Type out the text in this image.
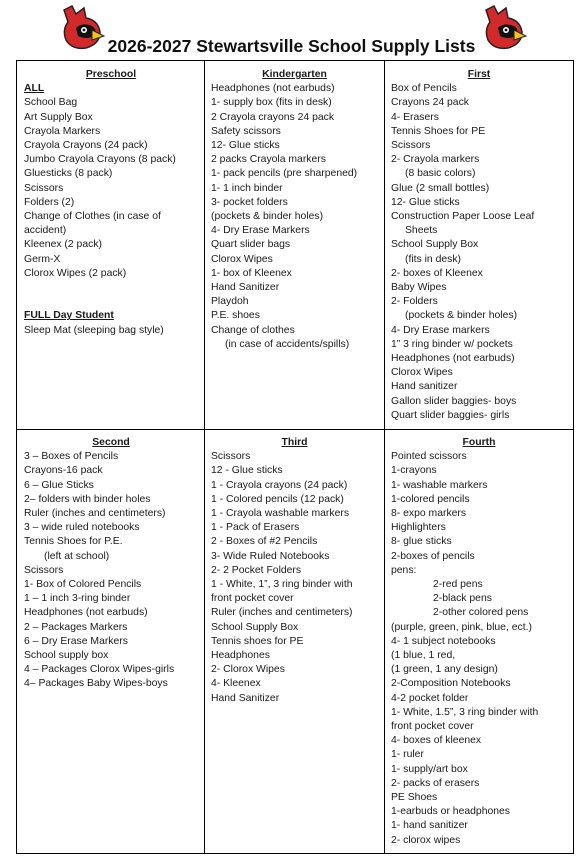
2026-2027 Stewartsville School Supply Lists
Preschool
ALL
School Bag
Art Supply Box
Crayola Markers
Crayola Crayons (24 pack)
Jumbo Crayola Crayons (8 pack)
Gluesticks (8 pack)
Scissors
Folders (2)
Change of Clothes (in case of
accident)
Kleenex (2 pack)
Germ-X
Clorox Wipes (2 pack)
FULL Day Student
Sleep Mat (sleeping bag style)
Kindergarten
Headphones (not earbuds)
1- supply box (fits in desk)
2 Crayola crayons 24 pack
Safety scissors
12- Glue sticks
2 packs Crayola markers
1- pack pencils (pre sharpened)
1- 1 inch binder
3- pocket folders
(pockets & binder holes)
4- Dry Erase Markers
Quart slider bags
Clorox Wipes
1- box of Kleenex
Hand Sanitizer
Playdoh
P.E. shoes
Change of clothes
(in case of accidents/spills)
First
Box of Pencils
Crayons 24 pack
4- Erasers
Tennis Shoes for PE
Scissors
2- Crayola markers
(8 basic colors)
Glue (2 small bottles)
12- Glue sticks
Construction Paper Loose Leaf
Sheets
School Supply Box
(fits in desk)
2- boxes of Kleenex
Baby Wipes
2- Folders
(pockets & binder holes)
4- Dry Erase markers
1” 3 ring binder w/ pockets
Headphones (not earbuds)
Clorox Wipes
Hand sanitizer
Gallon slider baggies- boys
Quart slider baggies- girls
Second
3 – Boxes of Pencils
Crayons-16 pack
6 – Glue Sticks
2– folders with binder holes
Ruler (inches and centimeters)
3 – wide ruled notebooks
Tennis Shoes for P.E.
(left at school)
Scissors
1- Box of Colored Pencils
1 – 1 inch 3-ring binder
Headphones (not earbuds)
2 – Packages Markers
6 – Dry Erase Markers
School supply box
4 – Packages Clorox Wipes-girls
4– Packages Baby Wipes-boys
Third
Scissors
12 - Glue sticks
1 - Crayola crayons (24 pack)
1 - Colored pencils (12 pack)
1 - Crayola washable markers
1 - Pack of Erasers
2 - Boxes of #2 Pencils
3- Wide Ruled Notebooks
2- 2 Pocket Folders
1 - White, 1”, 3 ring binder with
front pocket cover
Ruler (inches and centimeters)
School Supply Box
Tennis shoes for PE
Headphones
2- Clorox Wipes
4- Kleenex
Hand Sanitizer
Fourth
Pointed scissors
1-crayons
1- washable markers
1-colored pencils
8- expo markers
Highlighters
8- glue sticks
2-boxes of pencils
pens:
2-red pens
2-black pens
2-other colored pens
(purple, green, pink, blue, ect.)
4- 1 subject notebooks
(1 blue, 1 red,
(1 green, 1 any design)
2-Composition Notebooks
4-2 pocket folder
1- White, 1.5”, 3 ring binder with
front pocket cover
4- boxes of kleenex
1- ruler
1- supply/art box
2- packs of erasers
PE Shoes
1-earbuds or headphones
1- hand sanitizer
2- clorox wipes
